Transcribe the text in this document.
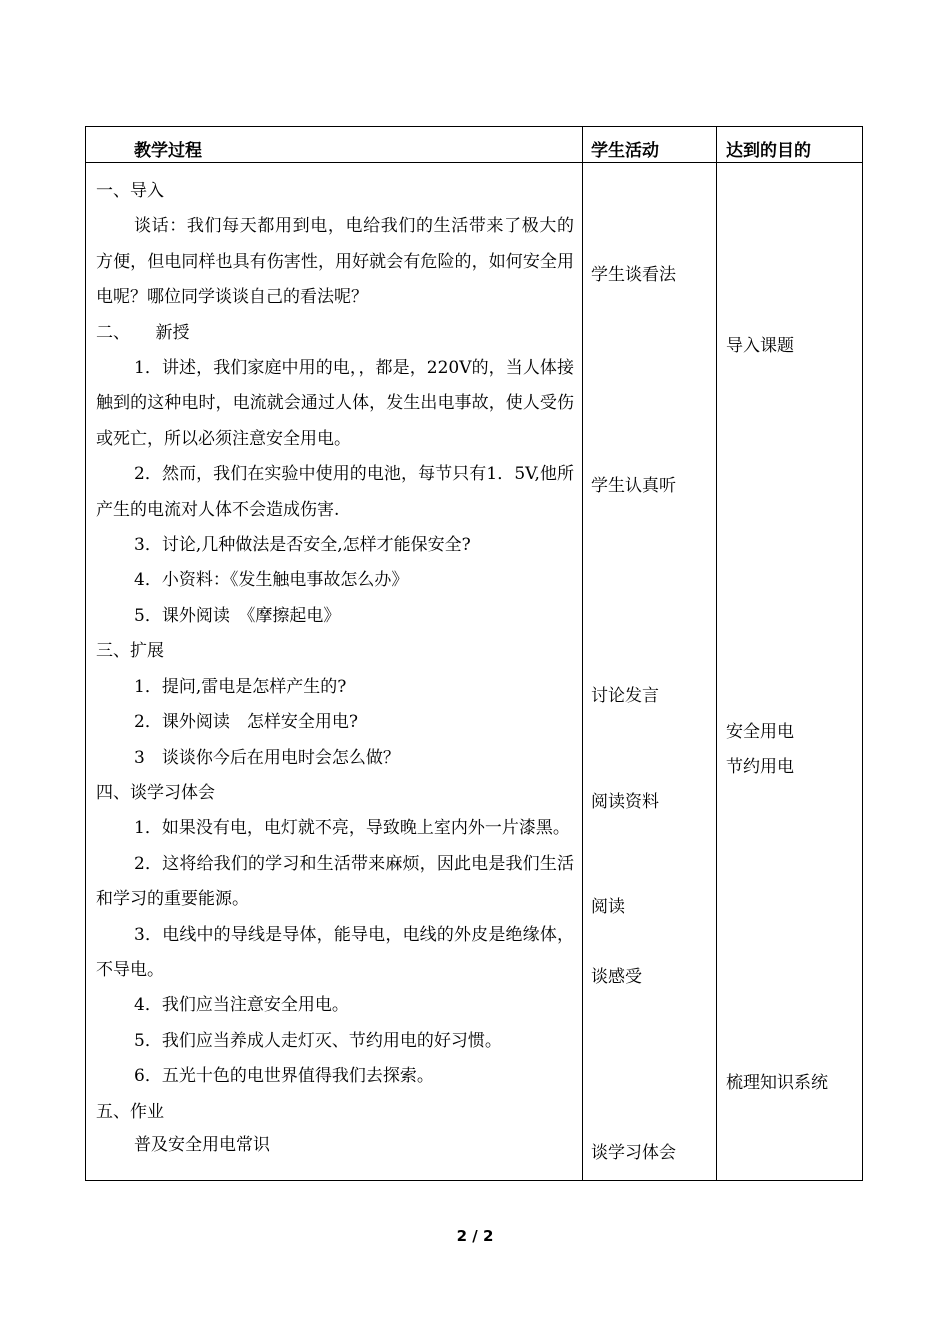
教学过程	学生活动	达到的目的

一、导入

谈话：我们每天都用到电，电给我们的生活带来了极大的方便，但电同样也具有伤害性，用好就会有危险的，如何安全用电呢？哪位同学谈谈自己的看法呢？

二、　　新授

1．讲述，我们家庭中用的电，，都是，220V的，当人体接触到的这种电时，电流就会通过人体，发生出电事故，使人受伤或死亡，所以必须注意安全用电。

2．然而，我们在实验中使用的电池，每节只有1．5V,他所产生的电流对人体不会造成伤害.

3．讨论,几种做法是否安全,怎样才能保安全?

4．小资料：《发生触电事故怎么办》

5．课外阅读　《摩擦起电》

三、扩展

1．提问,雷电是怎样产生的?

2．课外阅读　怎样安全用电?

3　谈谈你今后在用电时会怎么做？

四、谈学习体会

1．如果没有电，电灯就不亮，导致晚上室内外一片漆黑。

2．这将给我们的学习和生活带来麻烦，因此电是我们生活和学习的重要能源。

3．电线中的导线是导体，能导电，电线的外皮是绝缘体，不导电。

4．我们应当注意安全用电。

5．我们应当养成人走灯灭、节约用电的好习惯。

6．五光十色的电世界值得我们去探索。

五、作业

普及安全用电常识

学生谈看法
学生认真听
讨论发言
阅读资料
阅读
谈感受
谈学习体会
导入课题
安全用电
节约用电
梳理知识系统
2 / 2
